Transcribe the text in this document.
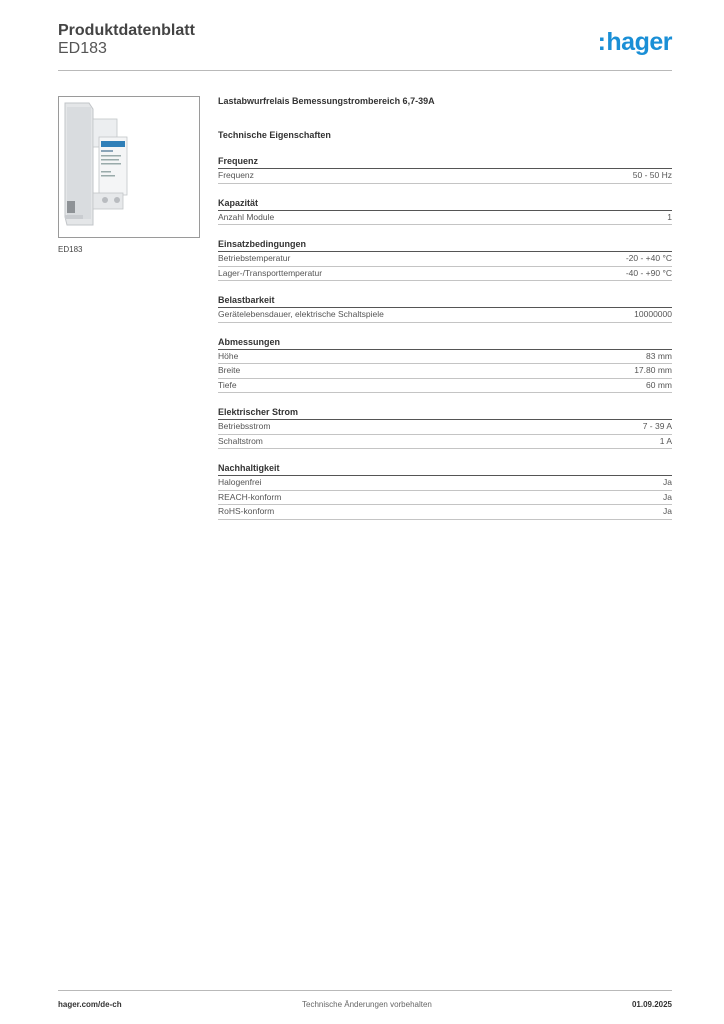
Produktdatenblatt
ED183	:hager
ED183
Lastabwurfrelais Bemessungstrombereich 6,7-39A
Technische Eigenschaften
Frequenz
Frequenz	50 - 50 Hz
Kapazität
Anzahl Module	1
Einsatzbedingungen
Betriebstemperatur	-20 - +40 °C
Lager-/Transporttemperatur	-40 - +90 °C
Belastbarkeit
Gerätelebensdauer, elektrische Schaltspiele	10000000
Abmessungen
Höhe	83 mm
Breite	17.80 mm
Tiefe	60 mm
Elektrischer Strom
Betriebsstrom	7 - 39 A
Schaltstrom	1 A
Nachhaltigkeit
Halogenfrei	Ja
REACH-konform	Ja
RoHS-konform	Ja
hager.com/de-ch	Technische Änderungen vorbehalten	01.09.2025
